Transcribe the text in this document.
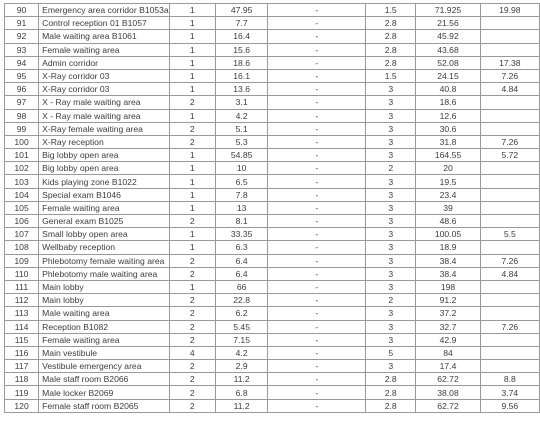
90	Emergency area corridor B1053a	1	47.95	-	1.5	71.925	19.98
91	Control reception 01 B1057	1	7.7	-	2.8	21.56	
92	Male waiting area B1061	1	16.4	-	2.8	45.92	
93	Female waiting area	1	15.6	-	2.8	43.68	
94	Admin corridor	1	18.6	-	2.8	52.08	17.38
95	X-Ray corridor 03	1	16.1	-	1.5	24.15	7.26
96	X-Ray corridor 03	1	13.6	-	3	40.8	4.84
97	X - Ray male waiting area	2	3.1	-	3	18.6	
98	X - Ray male waiting area	1	4.2	-	3	12.6	
99	X-Ray female waiting area	2	5.1	-	3	30.6	
100	X-Ray reception	2	5.3	-	3	31.8	7.26
101	Big lobby open area	1	54.85	-	3	164.55	5.72
102	Big lobby open area	1	10	-	2	20	
103	Kids playing zone B1022	1	6.5	-	3	19.5	
104	Special exam B1046	1	7.8	-	3	23.4	
105	Female waiting area	1	13	-	3	39	
106	General exam B1025	2	8.1	-	3	48.6	
107	Small lobby open area	1	33.35	-	3	100.05	5.5
108	Wellbaby reception	1	6.3	-	3	18.9	
109	Phlebotomy female waiting area	2	6.4	-	3	38.4	7.26
110	Phlebotomy male waiting area	2	6.4	-	3	38.4	4.84
111	Main lobby	1	66	-	3	198	
112	Main lobby	2	22.8	-	2	91.2	
113	Male waiting area	2	6.2	-	3	37.2	
114	Reception B1082	2	5.45	-	3	32.7	7.26
115	Female waiting area	2	7.15	-	3	42.9	
116	Main vestibule	4	4.2	-	5	84	
117	Vestibule emergency area	2	2.9	-	3	17.4	
118	Male staff room B2066	2	11.2	-	2.8	62.72	8.8
119	Male locker B2069	2	6.8	-	2.8	38.08	3.74
120	Female staff room B2065	2	11.2	-	2.8	62.72	9.56
